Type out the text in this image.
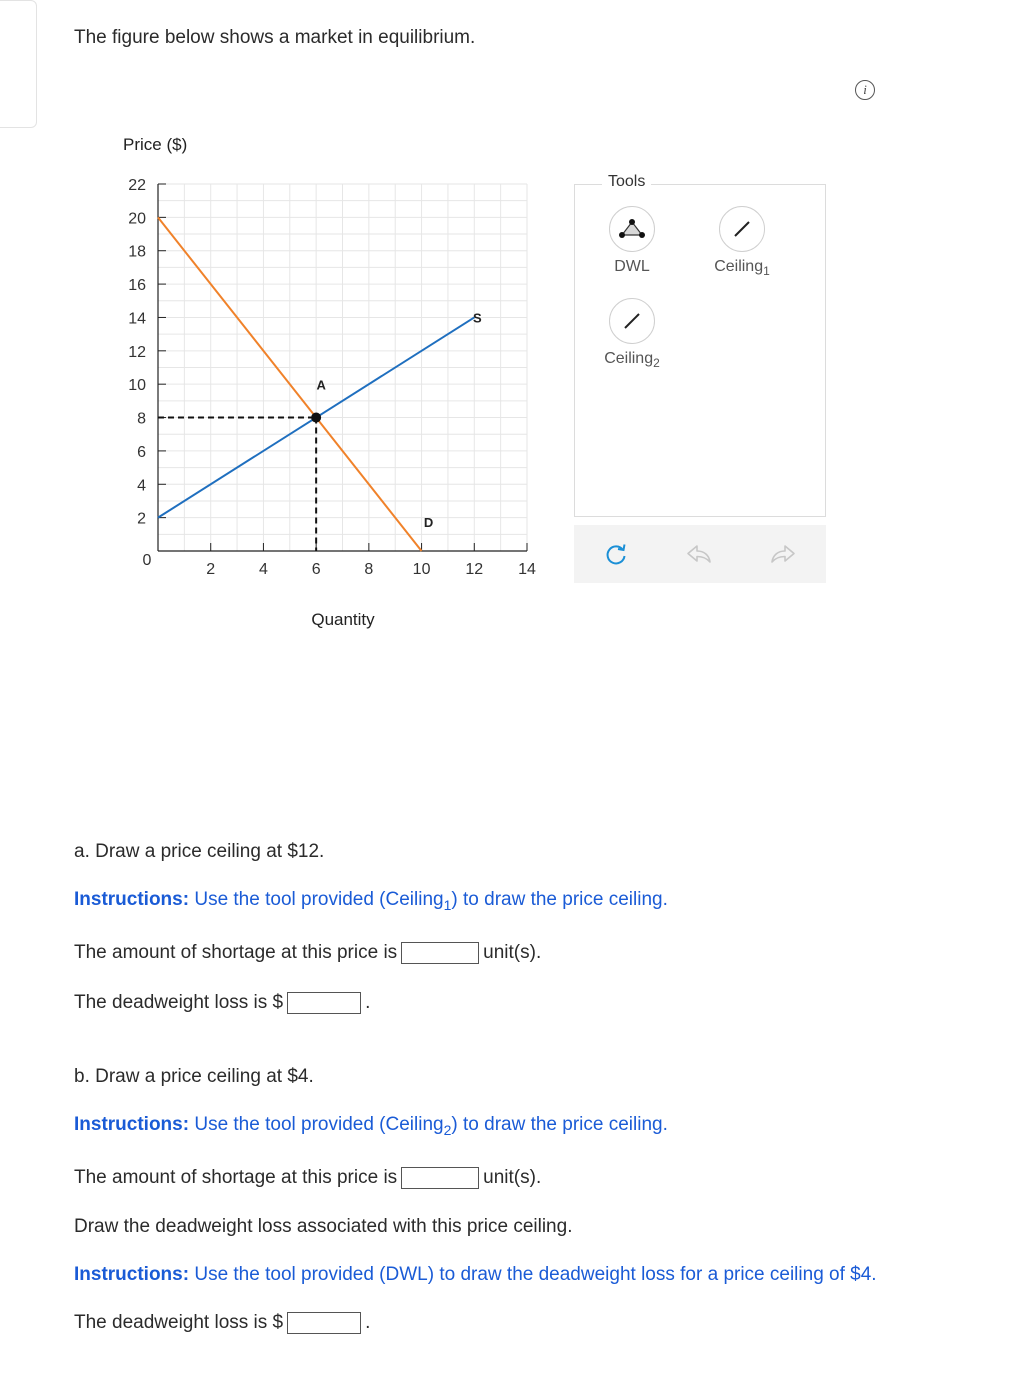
The figure below shows a market in equilibrium.
i
2
4
6
8
10
12
14
16
18
20
22
2	4	6	8 10 12 14
A
S
D
Price ($)
Quantity
0
Tools
DWL	Ceiling$_1$
Ceiling$_2$
a. Draw a price ceiling at $12.
Instructions: Use the tool provided (Ceiling$_1$) to draw the price ceiling.
The amount of shortage at this price is	unit(s).
The deadweight loss is $	.
b. Draw a price ceiling at $4.
Instructions: Use the tool provided (Ceiling$_2$) to draw the price ceiling.
The amount of shortage at this price is	unit(s).
Draw the deadweight loss associated with this price ceiling.
Instructions: Use the tool provided (DWL) to draw the deadweight loss for a price ceiling of $4.
The deadweight loss is $	.
